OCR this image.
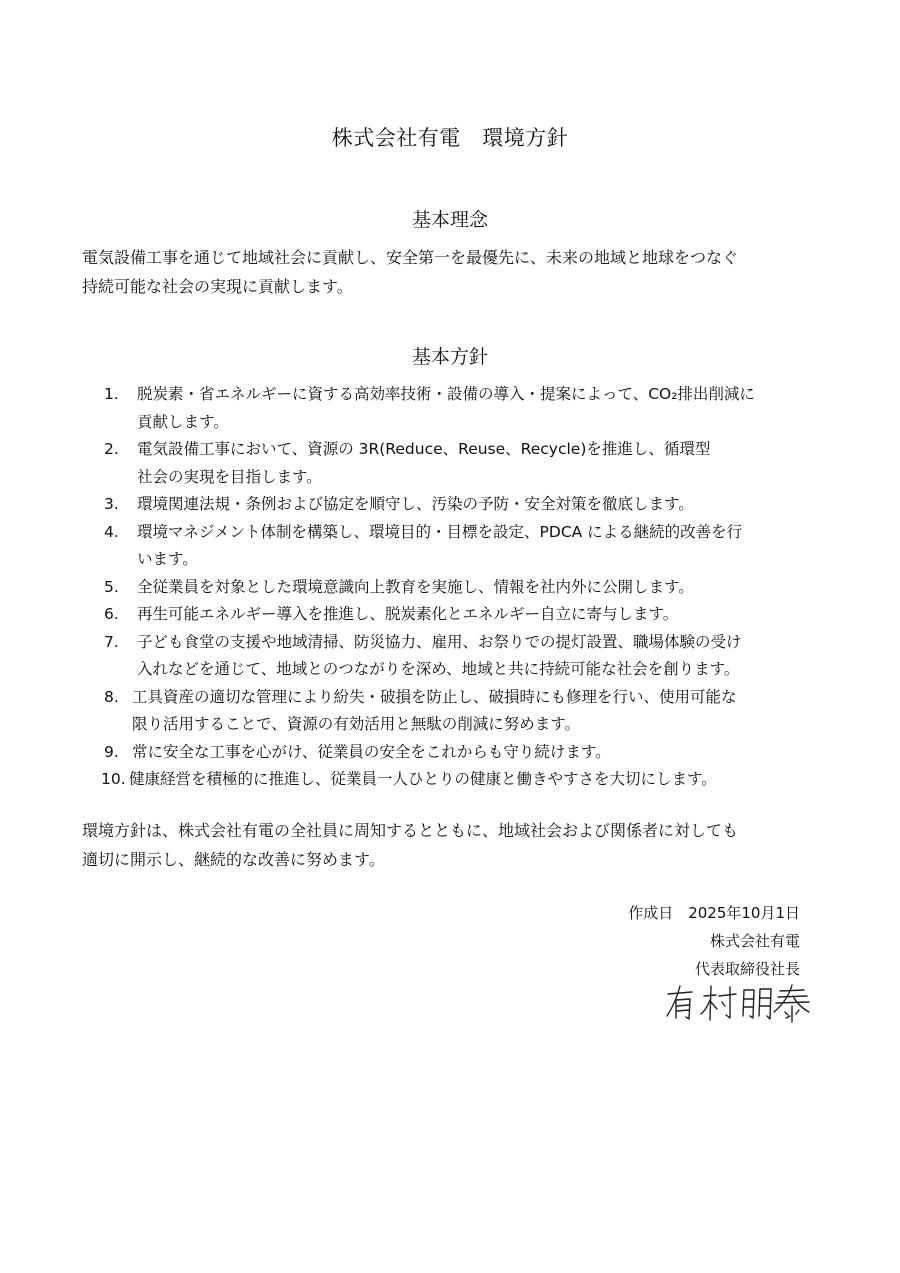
株式会社有電　環境方針
基本理念
電気設備工事を通じて地域社会に貢献し、安全第一を最優先に、未来の地域と地球をつなぐ
持続可能な社会の実現に貢献します。
基本方針
1.	脱炭素・省エネルギーに資する高効率技術・設備の導入・提案によって、CO₂排出削減に
貢献します。
2.	電気設備工事において、資源の 3R(Reduce、Reuse、Recycle)を推進し、循環型
社会の実現を目指します。
3.	環境関連法規・条例および協定を順守し、汚染の予防・安全対策を徹底します。
4.	環境マネジメント体制を構築し、環境目的・目標を設定、PDCA による継続的改善を行
います。
5.	全従業員を対象とした環境意識向上教育を実施し、情報を社内外に公開します。
6.	再生可能エネルギー導入を推進し、脱炭素化とエネルギー自立に寄与します。
7.	子ども食堂の支援や地域清掃、防災協力、雇用、お祭りでの提灯設置、職場体験の受け
入れなどを通じて、地域とのつながりを深め、地域と共に持続可能な社会を創ります。
8. 工具資産の適切な管理により紛失・破損を防止し、破損時にも修理を行い、使用可能な
限り活用することで、資源の有効活用と無駄の削減に努めます。
9. 常に安全な工事を心がけ、従業員の安全をこれからも守り続けます。
10. 健康経営を積極的に推進し、従業員一人ひとりの健康と働きやすさを大切にします。
環境方針は、株式会社有電の全社員に周知するとともに、地域社会および関係者に対しても
適切に開示し、継続的な改善に努めます。
作成日　2025年10月1日
株式会社有電
代表取締役社長
